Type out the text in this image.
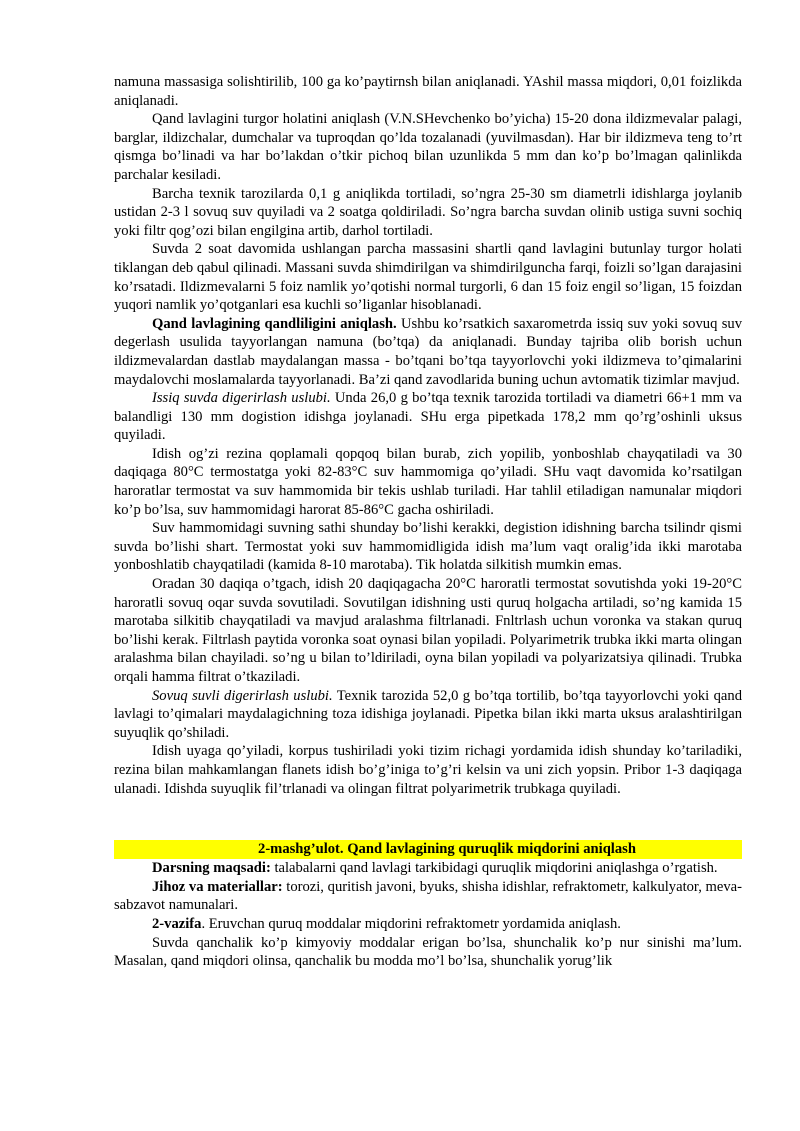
namuna massasiga solishtirilib, 100 ga ko’paytirnsh bilan aniqlanadi. YAshil massa miqdori, 0,01 foizlikda aniqlanadi.

Qand lavlagini turgor holatini aniqlash (V.N.SHevchenko bo’yicha) 15-20 dona ildizmevalar palagi, barglar, ildizchalar, dumchalar va tuproqdan qo’lda tozalanadi (yuvilmasdan). Har bir ildizmeva teng to’rt qismga bo’linadi va har bo’lakdan o’tkir pichoq bilan uzunlikda 5 mm dan ko’p bo’lmagan qalinlikda parchalar kesiladi.

Barcha texnik tarozilarda 0,1 g aniqlikda tortiladi, so’ngra 25-30 sm diametrli idishlarga joylanib ustidan 2-3 l sovuq suv quyiladi va 2 soatga qoldiriladi. So’ngra barcha suvdan olinib ustiga suvni sochiq yoki filtr qog’ozi bilan engilgina artib, darhol tortiladi.

Suvda 2 soat davomida ushlangan parcha massasini shartli qand lavlagini butunlay turgor holati tiklangan deb qabul qilinadi. Massani suvda shimdirilgan va shimdirilguncha farqi, foizli so’lgan darajasini ko’rsatadi. Ildizmevalarni 5 foiz namlik yo’qotishi normal turgorli, 6 dan 15 foiz engil so’ligan, 15 foizdan yuqori namlik yo’qotganlari esa kuchli so’liganlar hisoblanadi.

Qand lavlagining qandliligini aniqlash. Ushbu ko’rsatkich saxarometrda issiq suv yoki sovuq suv degerlash usulida tayyorlangan namuna (bo’tqa) da aniqlanadi. Bunday tajriba olib borish uchun ildizmevalardan dastlab maydalangan massa - bo’tqani bo’tqa tayyorlovchi yoki ildizmeva to’qimalarini maydalovchi moslamalarda tayyorlanadi. Ba’zi qand zavodlarida buning uchun avtomatik tizimlar mavjud.

Issiq suvda digerirlash uslubi. Unda 26,0 g bo’tqa texnik tarozida tortiladi va diametri 66+1 mm va balandligi 130 mm dogistion idishga joylanadi. SHu erga pipetkada 178,2 mm qo’rg’oshinli uksus quyiladi.

Idish og’zi rezina qoplamali qopqoq bilan burab, zich yopilib, yonboshlab chayqatiladi va 30 daqiqaga 80°C termostatga yoki 82-83°C suv hammomiga qo’yiladi. SHu vaqt davomida ko’rsatilgan haroratlar termostat va suv hammomida bir tekis ushlab turiladi. Har tahlil etiladigan namunalar miqdori ko’p bo’lsa, suv hammomidagi harorat 85-86°C gacha oshiriladi.

Suv hammomidagi suvning sathi shunday bo’lishi kerakki, degistion idishning barcha tsilindr qismi suvda bo’lishi shart. Termostat yoki suv hammomidligida idish ma’lum vaqt oralig’ida ikki marotaba yonboshlatib chayqatiladi (kamida 8-10 marotaba). Tik holatda silkitish mumkin emas.

Oradan 30 daqiqa o’tgach, idish 20 daqiqagacha 20°C haroratli termostat sovutishda yoki 19-20°C haroratli sovuq oqar suvda sovutiladi. Sovutilgan idishning usti quruq holgacha artiladi, so’ng kamida 15 marotaba silkitib chayqatiladi va mavjud aralashma filtrlanadi. Fnltrlash uchun voronka va stakan quruq bo’lishi kerak. Filtrlash paytida voronka soat oynasi bilan yopiladi. Polyarimetrik trubka ikki marta olingan aralashma bilan chayiladi. so’ng u bilan to’ldiriladi, oyna bilan yopiladi va polyarizatsiya qilinadi. Trubka orqali hamma filtrat o’tkaziladi.

Sovuq suvli digerirlash uslubi. Texnik tarozida 52,0 g bo’tqa tortilib, bo’tqa tayyorlovchi yoki qand lavlagi to’qimalari maydalagichning toza idishiga joylanadi. Pipetka bilan ikki marta uksus aralashtirilgan suyuqlik qo’shiladi.

Idish uyaga qo’yiladi, korpus tushiriladi yoki tizim richagi yordamida idish shunday ko’tariladiki, rezina bilan mahkamlangan flanets idish bo’g’iniga to’g’ri kelsin va uni zich yopsin. Pribor 1-3 daqiqaga ulanadi. Idishda suyuqlik fil’trlanadi va olingan filtrat polyarimetrik trubkaga quyiladi.

2-mashg’ulot. Qand lavlagining quruqlik miqdorini aniqlash

Darsning maqsadi: talabalarni qand lavlagi tarkibidagi quruqlik miqdorini aniqlashga o’rgatish.

Jihoz va materiallar: torozi, quritish javoni, byuks, shisha idishlar, refraktometr, kalkulyator, meva-sabzavot namunalari.

2-vazifa. Eruvchan quruq moddalar miqdorini refraktometr yordamida aniqlash.

Suvda qanchalik ko’p kimyoviy moddalar erigan bo’lsa, shunchalik ko’p nur sinishi ma’lum. Masalan, qand miqdori olinsa, qanchalik bu modda mo’l bo’lsa, shunchalik yorug’lik
